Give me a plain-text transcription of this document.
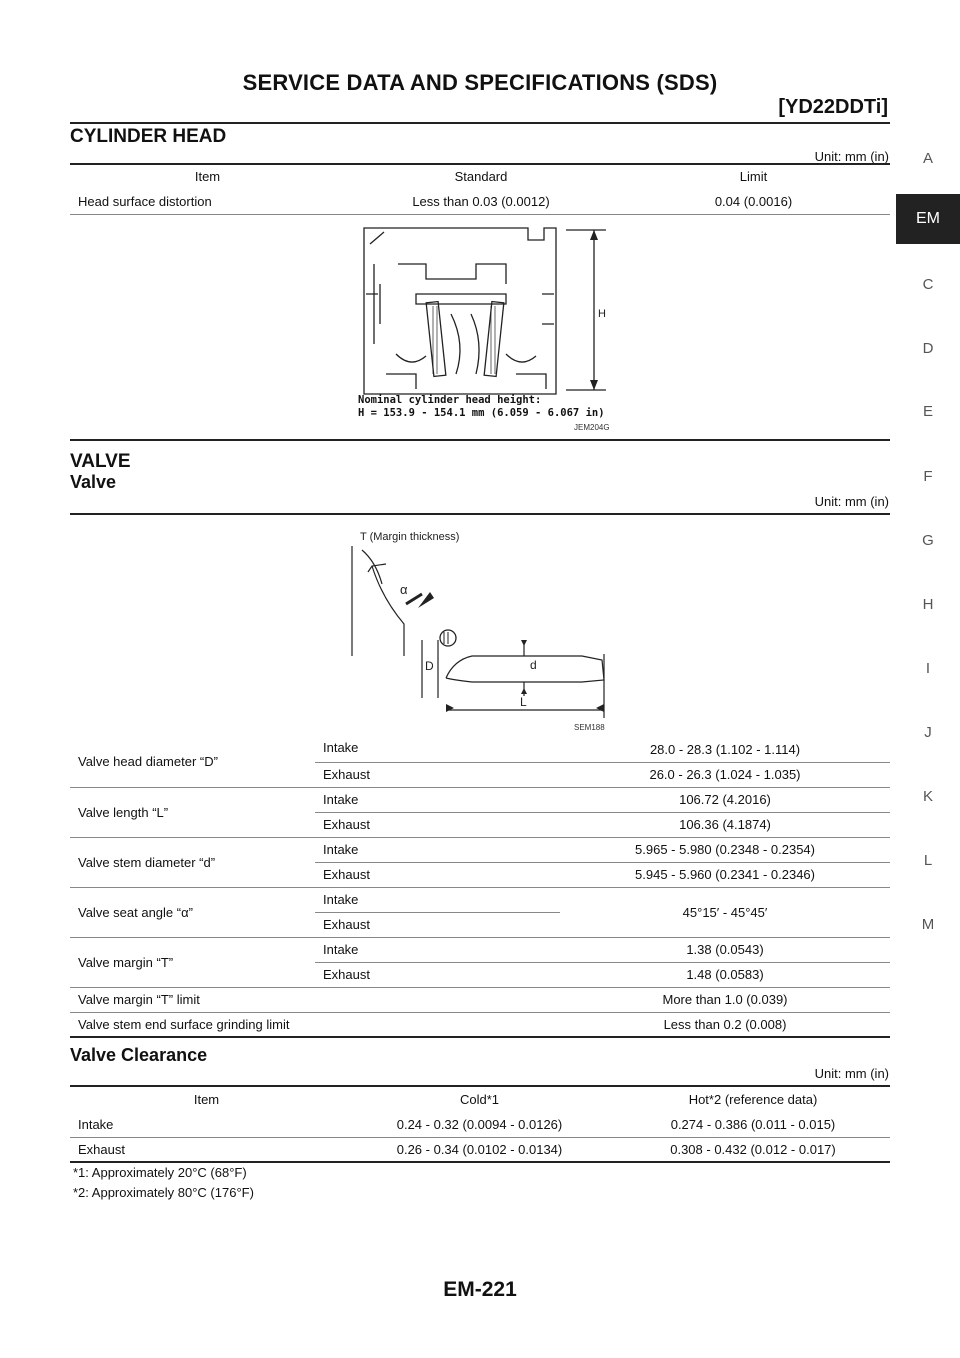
SERVICE DATA AND SPECIFICATIONS (SDS)
[YD22DDTi]
A
EM
C
D
E
F
G
H
I
J
K
L
M
CYLINDER HEAD
Unit: mm (in)
Item	Standard	Limit
Head surface distortion	Less than 0.03 (0.0012)	0.04 (0.0016)
H
Nominal cylinder head height:
H = 153.9 - 154.1 mm (6.059 - 6.067 in)
JEM204G
VALVE
Valve
Unit: mm (in)
T (Margin thickness)
α
D	d
L
SEM188
Valve head diameter “D”	Intake	28.0 - 28.3 (1.102 - 1.114)
	Exhaust	26.0 - 26.3 (1.024 - 1.035)
Valve length “L”	Intake	106.72 (4.2016)
	Exhaust	106.36 (4.1874)
Valve stem diameter “d”	Intake	5.965 - 5.980 (0.2348 - 0.2354)
	Exhaust	5.945 - 5.960 (0.2341 - 0.2346)
Valve seat angle “α”	Intake	45°15′ - 45°45′
	Exhaust	
Valve margin “T”	Intake	1.38 (0.0543)
	Exhaust	1.48 (0.0583)
Valve margin “T” limit	More than 1.0 (0.039)
Valve stem end surface grinding limit	Less than 0.2 (0.008)
Valve Clearance
Unit: mm (in)
Item	Cold*1	Hot*2 (reference data)
Intake	0.24 - 0.32 (0.0094 - 0.0126)	0.274 - 0.386 (0.011 - 0.015)
Exhaust	0.26 - 0.34 (0.0102 - 0.0134)	0.308 - 0.432 (0.012 - 0.017)
*1: Approximately 20°C (68°F)
*2: Approximately 80°C (176°F)
EM-221
